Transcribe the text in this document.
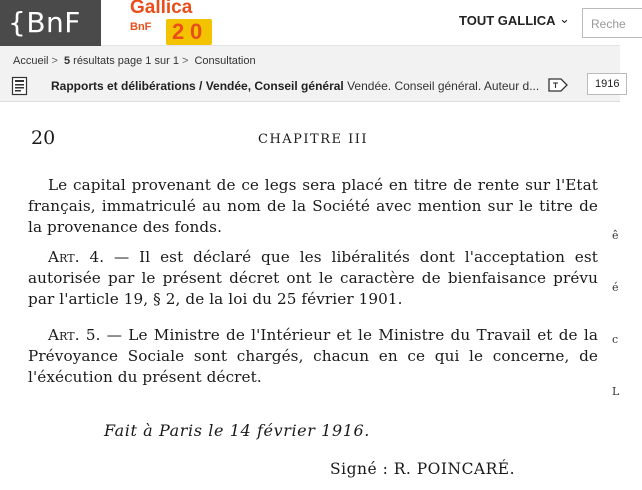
{BnF	Gallica
BnF 2 0	TOUT GALLICA ⌄	Reche
Accueil > 5 résultats page 1 sur 1 > Consultation
Rapports et délibérations / Vendée, Conseil général Vendée. Conseil général. Auteur d...	1916
20	CHAPITRE III
Le capital provenant de ce legs sera placé en titre de rente sur l'Etat français, immatriculé au nom de la Société avec mention sur le titre de la provenance des fonds.
Art. 4. — Il est déclaré que les libéralités dont l'acceptation est autorisée par le présent décret ont le caractère de bienfaisance prévu par l'article 19, § 2, de la loi du 25 février 1901.
Art. 5. — Le Ministre de l'Intérieur et le Ministre du Travail et de la Prévoyance Sociale sont chargés, chacun en ce qui le concerne, de l'éxécution du présent décret.
Fait à Paris le 14 février 1916.
Signé : R. POINCARÉ.
ê
é
c
L
